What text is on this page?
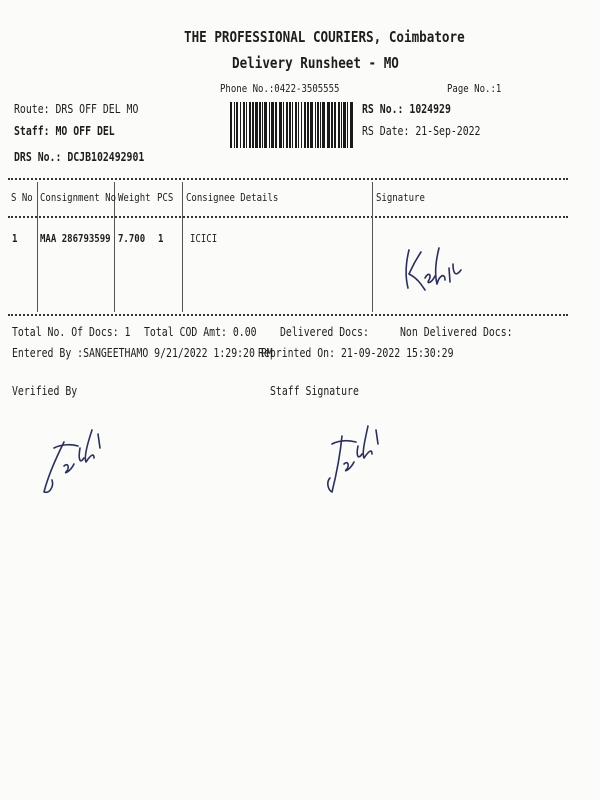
THE PROFESSIONAL COURIERS, Coimbatore
Delivery Runsheet - MO
Phone No.:0422-3505555	Page No.:1
Route: DRS OFF DEL MO
Staff: MO OFF DEL
DRS No.: DCJB102492901
RS No.: 1024929
RS Date: 21-Sep-2022
S No Consignment No Weight PCS Consignee Details	Signature
1 MAA 286793599 7.700 1 ICICI
Total No. Of Docs: 1 Total COD Amt: 0.00 Delivered Docs:	Non Delivered Docs:
Entered By :SANGEETHAMO 9/21/2022 1:29:20 PM
Reprinted On: 21-09-2022 15:30:29
Verified By	Staff Signature
